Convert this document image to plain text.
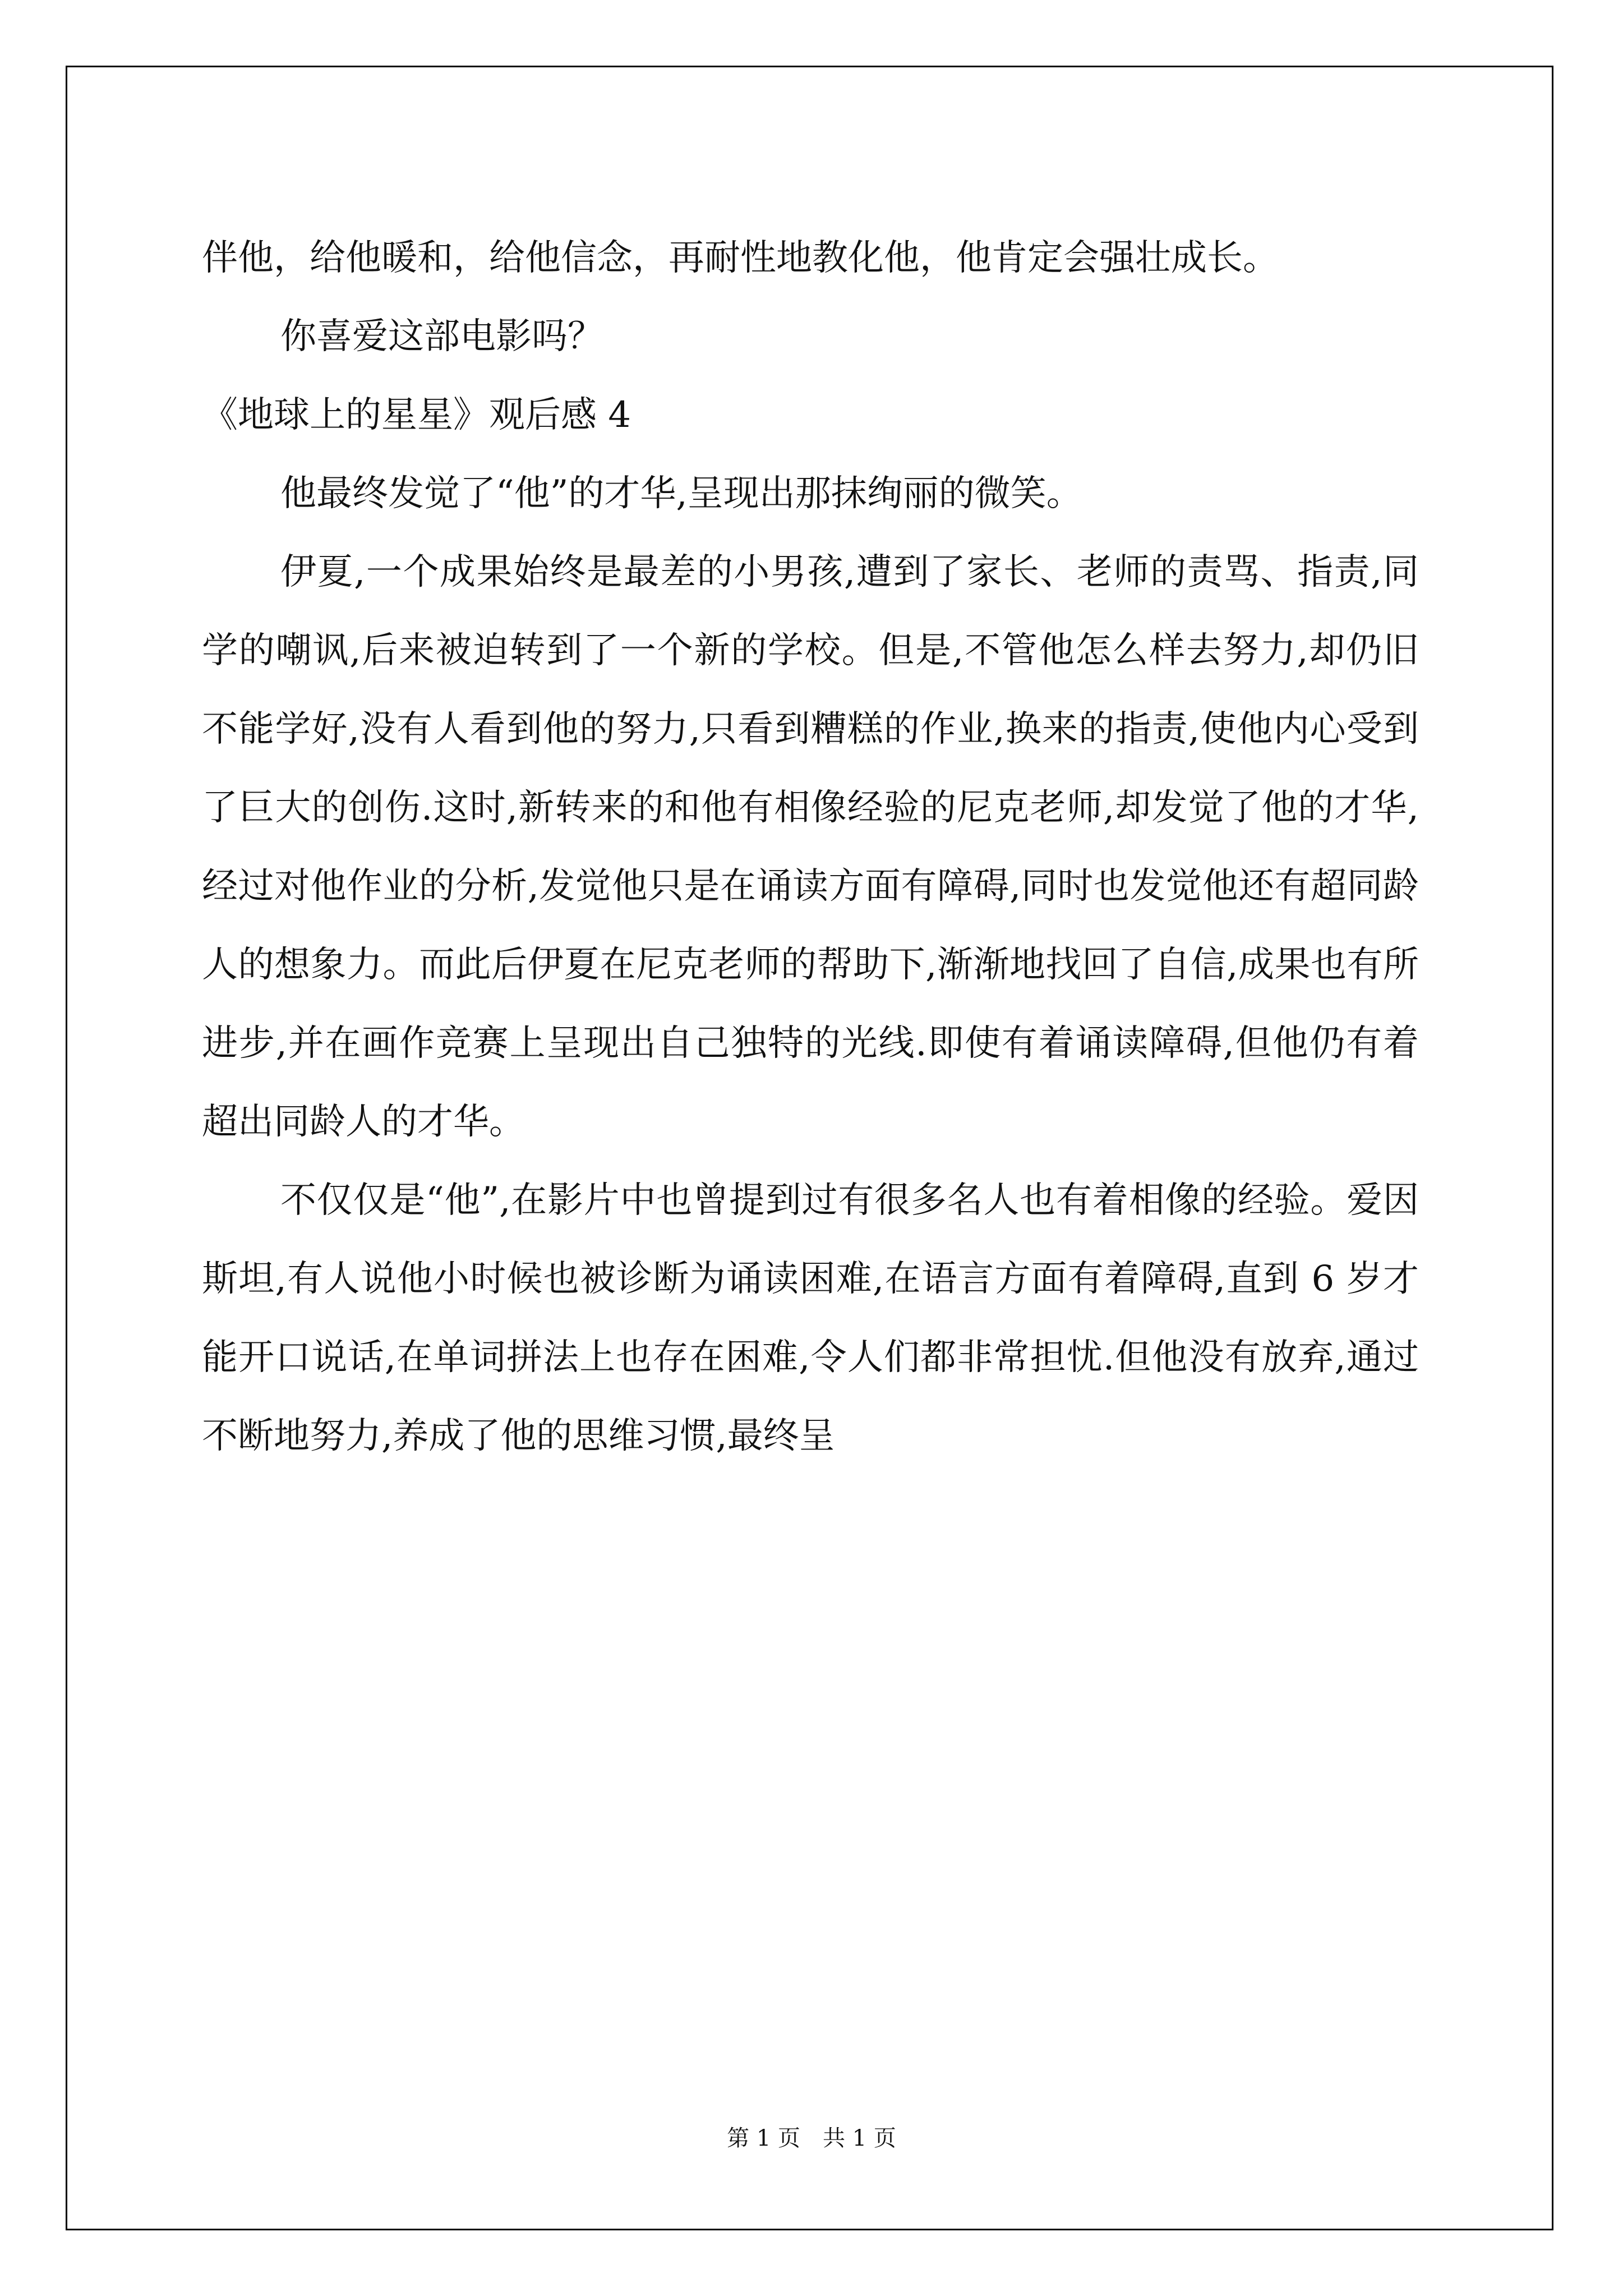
伴他，给他暖和，给他信念，再耐性地教化他，他肯定会强壮成长。

你喜爱这部电影吗？

《地球上的星星》观后感 4

他最终发觉了“他”的才华,呈现出那抹绚丽的微笑。

伊夏,一个成果始终是最差的小男孩,遭到了家长、老师的责骂、指责,同学的嘲讽,后来被迫转到了一个新的学校。但是,不管他怎么样去努力,却仍旧不能学好,没有人看到他的努力,只看到糟糕的作业,换来的指责,使他内心受到了巨大的创伤.这时,新转来的和他有相像经验的尼克老师,却发觉了他的才华,经过对他作业的分析,发觉他只是在诵读方面有障碍,同时也发觉他还有超同龄人的想象力。而此后伊夏在尼克老师的帮助下,渐渐地找回了自信,成果也有所进步,并在画作竞赛上呈现出自己独特的光线.即使有着诵读障碍,但他仍有着超出同龄人的才华。

不仅仅是“他”,在影片中也曾提到过有很多名人也有着相像的经验。爱因斯坦,有人说他小时候也被诊断为诵读困难,在语言方面有着障碍,直到 6 岁才能开口说话,在单词拼法上也存在困难,令人们都非常担忧.但他没有放弃,通过不断地努力,养成了他的思维习惯,最终呈

第 1 页　共 1 页
